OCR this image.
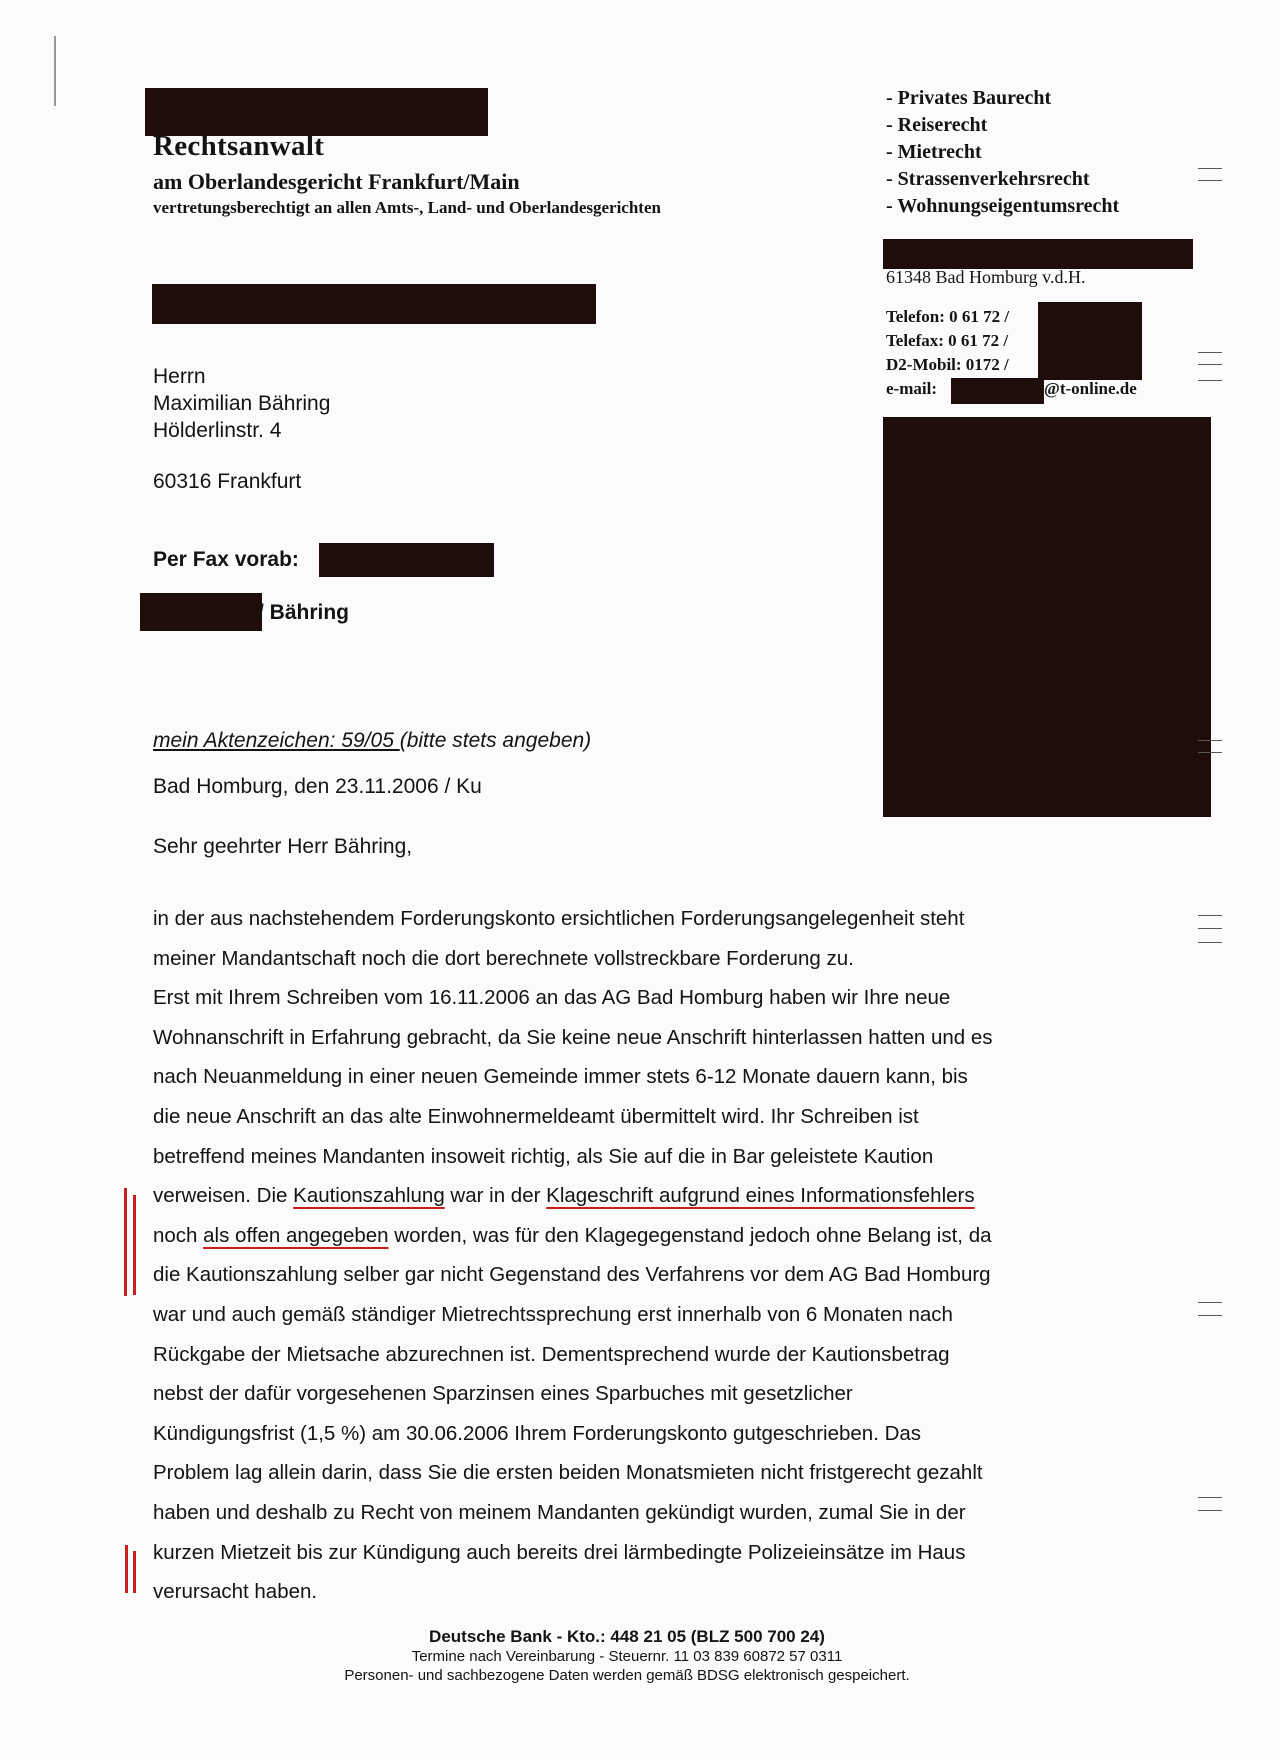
Rechtsanwalt
am Oberlandesgericht Frankfurt/Main
vertretungsberechtigt an allen Amts-, Land- und Oberlandesgerichten
- Privates Baurecht
- Reiserecht
- Mietrecht
- Strassenverkehrsrecht
- Wohnungseigentumsrecht
61348 Bad Homburg v.d.H.
Telefon: 0 61 72 /
Telefax: 0 61 72 /
D2-Mobil: 0172 /
e-mail:	@t-online.de
Herrn
Maximilian Bähring
Hölderlinstr. 4
60316 Frankfurt
Per Fax vorab:
/ Bähring
mein Aktenzeichen: 59/05 (bitte stets angeben)
Bad Homburg, den 23.11.2006 / Ku
Sehr geehrter Herr Bähring,
in der aus nachstehendem Forderungskonto ersichtlichen Forderungsangelegenheit steht
meiner Mandantschaft noch die dort berechnete vollstreckbare Forderung zu.
Erst mit Ihrem Schreiben vom 16.11.2006 an das AG Bad Homburg haben wir Ihre neue
Wohnanschrift in Erfahrung gebracht, da Sie keine neue Anschrift hinterlassen hatten und es
nach Neuanmeldung in einer neuen Gemeinde immer stets 6-12 Monate dauern kann, bis
die neue Anschrift an das alte Einwohnermeldeamt übermittelt wird. Ihr Schreiben ist
betreffend meines Mandanten insoweit richtig, als Sie auf die in Bar geleistete Kaution
verweisen. Die Kautionszahlung war in der Klageschrift aufgrund eines Informationsfehlers
noch als offen angegeben worden, was für den Klagegegenstand jedoch ohne Belang ist, da
die Kautionszahlung selber gar nicht Gegenstand des Verfahrens vor dem AG Bad Homburg
war und auch gemäß ständiger Mietrechtssprechung erst innerhalb von 6 Monaten nach
Rückgabe der Mietsache abzurechnen ist. Dementsprechend wurde der Kautionsbetrag
nebst der dafür vorgesehenen Sparzinsen eines Sparbuches mit gesetzlicher
Kündigungsfrist (1,5 %) am 30.06.2006 Ihrem Forderungskonto gutgeschrieben. Das
Problem lag allein darin, dass Sie die ersten beiden Monatsmieten nicht fristgerecht gezahlt
haben und deshalb zu Recht von meinem Mandanten gekündigt wurden, zumal Sie in der
kurzen Mietzeit bis zur Kündigung auch bereits drei lärmbedingte Polizeieinsätze im Haus
verursacht haben.
Deutsche Bank - Kto.: 448 21 05 (BLZ 500 700 24)
Termine nach Vereinbarung - Steuernr. 11 03 839 60872 57 0311
Personen- und sachbezogene Daten werden gemäß BDSG elektronisch gespeichert.
